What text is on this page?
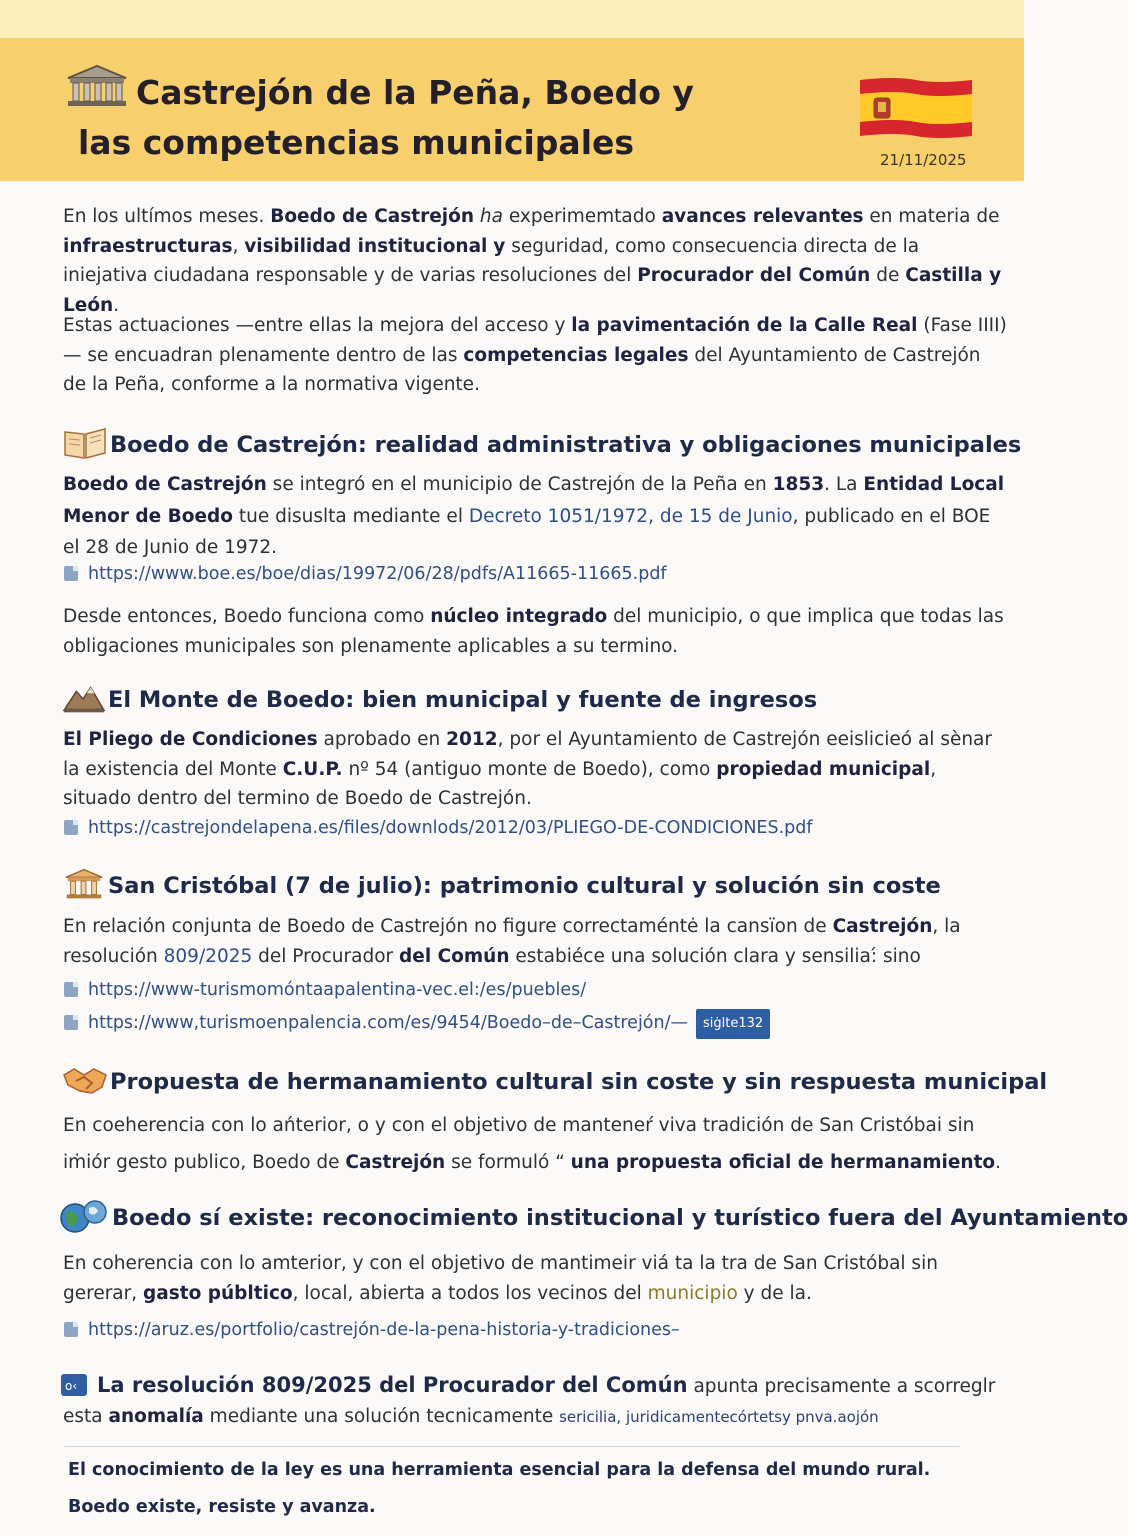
Castrejón de la Peña, Boedo y
las competencias municipales	21/11/2025

En los ultímos meses. Boedo de Castrejón ha experimemtado avances relevantes en materia de infraestructuras, visibilidad institucional y seguridad, como consecuencia directa de la iniejativa ciudadana responsable y de varias resoluciones del Procurador del Común de Castilla y León.

Estas actuaciones —entre ellas la mejora del acceso y la pavimentación de la Calle Real (Fase IIII) — se encuadran plenamente dentro de las competencias legales del Ayuntamiento de Castrejón de la Peña, conforme a la normativa vigente.

Boedo de Castrejón: realidad administrativa y obligaciones municipales

Boedo de Castrejón se integró en el municipio de Castrejón de la Peña en 1853. La Entidad Local Menor de Boedo tue disuslta mediante el Decreto 1051/1972, de 15 de Junio, publicado en el BOE el 28 de Junio de 1972.

https://www.boe.es/boe/dias/19972/06/28/pdfs/A11665-11665.pdf

Desde entonces, Boedo funciona como núcleo integrado del municipio, o que implica que todas las obligaciones municipales son plenamente aplicables a su termino.

El Monte de Boedo: bien municipal y fuente de ingresos

El Pliego de Condiciones aprobado en 2012, por el Ayuntamiento de Castrejón eeislicieó al sènar la existencia del Monte C.U.P. nº 54 (antiguo monte de Boedo), como propiedad municipal, situado dentro del termino de Boedo de Castrejón.

https://castrejondelapena.es/files/downlods/2012/03/PLIEGO-DE-CONDICIONES.pdf
San Cristóbal (7 de julio): patrimonio cultural y solución sin coste

En relación conjunta de Boedo de Castrejón no figure correctaméntė la cansïon de Castrejón, la resolución 809/2025 del Procurador del Común estabiéce una solución clara y sensilia:́ sino

https://www-turismomóntaapalentina-vec.el:/es/puebles/
https://www,turismoenpalencia.com/es/9454/Boedo–de–Castrejón/— siġlte132
Propuesta de hermanamiento cultural sin coste y sin respuesta municipal

En coeherencia con lo ańterior, o y con el objetivo de manteneŕ viva tradición de San Cristóbai sin iṁiór gesto publico, Boedo de Castrejón se formuló “ una propuesta oficial de hermanamiento.

Boedo sí existe: reconocimiento institucional y turístico fuera del Ayuntamiento

En coherencia con lo amterior, y con el objetivo de mantimeir viá ta la tra de San Cristóbal sin gererar, gasto públtico, local, abierta a todos los vecinos del municipio y de la.

https://aruz.es/portfolio/castrejón-de-la-pena-historia-y-tradiciones–
o‹ La resolución 809/2025 del Procurador del Común apunta precisamente a scorreglr esta anomalía mediante una solución tecnicamente sericilia, juridicamentecórtetsy pnva.aojón

El conocimiento de la ley es una herramienta esencial para la defensa del mundo rural.
Boedo existe, resiste y avanza.
